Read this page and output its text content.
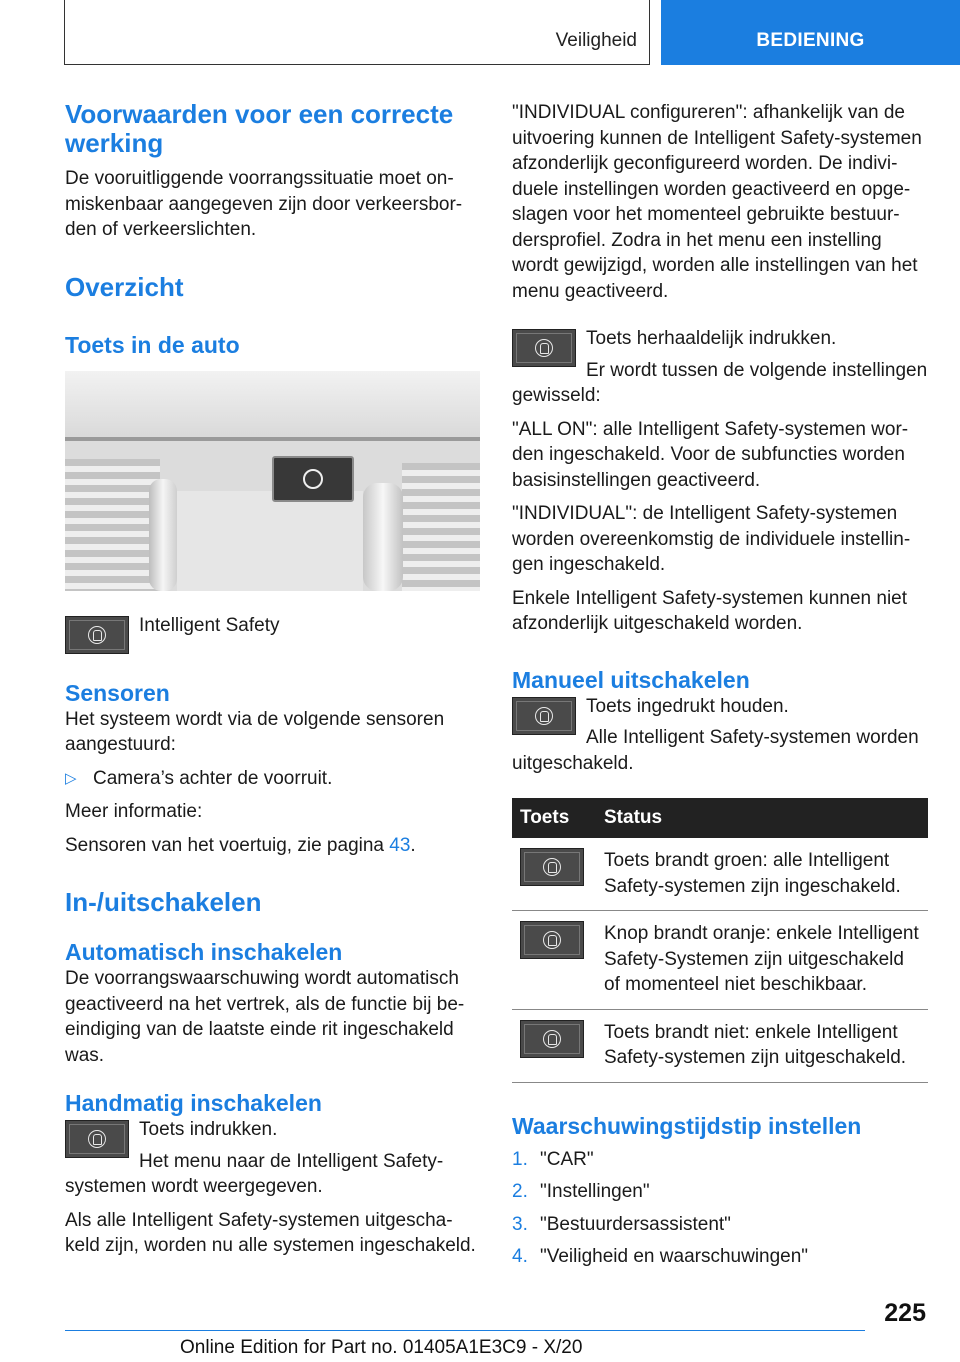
Veiligheid	BEDIENING
Voorwaarden voor een correcte werking

De vooruitliggende voorrangssituatie moet onmiskenbaar aangegeven zijn door verkeersborden of verkeerslichten.

Overzicht
Toets in de auto

Intelligent Safety

Sensoren

Het systeem wordt via de volgende sensoren aangestuurd:

▷ Camera’s achter de voorruit.

Meer informatie:

Sensoren van het voertuig, zie pagina 43.

In-/uitschakelen
Automatisch inschakelen

De voorrangswaarschuwing wordt automatisch geactiveerd na het vertrek, als de functie bij beeindiging van de laatste einde rit ingeschakeld was.

Handmatig inschakelen

Toets indrukken.

Het menu naar de Intelligent Safety-systemen wordt weergegeven.

Als alle Intelligent Safety-systemen uitgeschakeld zijn, worden nu alle systemen ingeschakeld.

"INDIVIDUAL configureren": afhankelijk van de uitvoering kunnen de Intelligent Safety-systemen afzonderlijk geconfigureerd worden. De individuele instellingen worden geactiveerd en opgeslagen voor het momenteel gebruikte bestuurdersprofiel. Zodra in het menu een instelling wordt gewijzigd, worden alle instellingen van het menu geactiveerd.

Toets herhaaldelijk indrukken.

Er wordt tussen de volgende instellingen gewisseld:

"ALL ON": alle Intelligent Safety-systemen worden ingeschakeld. Voor de subfuncties worden basisinstellingen geactiveerd.

"INDIVIDUAL": de Intelligent Safety-systemen worden overeenkomstig de individuele instellingen ingeschakeld.

Enkele Intelligent Safety-systemen kunnen niet afzonderlijk uitgeschakeld worden.

Manueel uitschakelen

Toets ingedrukt houden.

Alle Intelligent Safety-systemen worden uitgeschakeld.

Toets	Status

	Toets brandt groen: alle Intelligent Safety-systemen zijn ingeschakeld.

	Knop brandt oranje: enkele Intelligent Safety-Systemen zijn uitgeschakeld of momenteel niet beschikbaar.

	Toets brandt niet: enkele Intelligent Safety-systemen zijn uitgeschakeld.
Waarschuwingstijdstip instellen
1. "CAR"
2. "Instellingen"
3. "Bestuurdersassistent"
4. "Veiligheid en waarschuwingen"
225
Online Edition for Part no. 01405A1E3C9 - X/20
